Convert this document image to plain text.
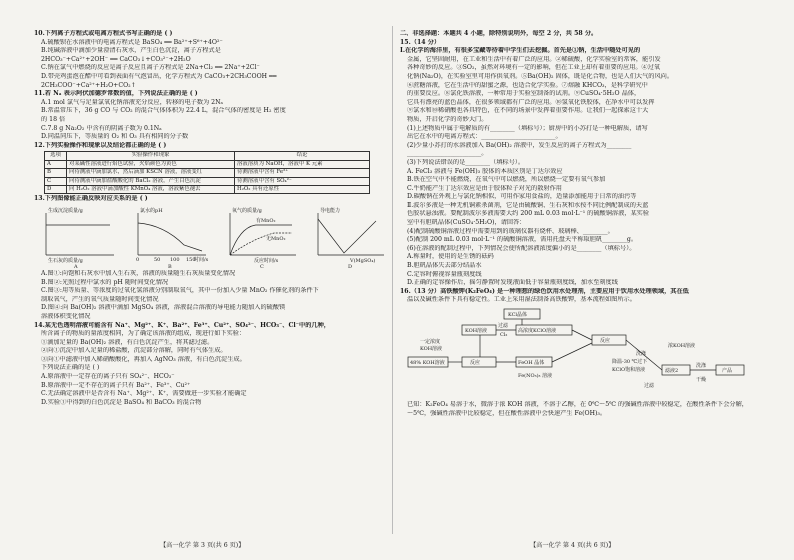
10.下列离子方程式或电离方程式书写正确的是 ( )
A.硫酸钡在水溶液中的电离方程式是 BaSO₄ ══ Ba²⁺+S⁶⁺+4O²⁻
B.纯碱溶液中滴加少量澄清石灰水，产生白色沉淀，离子方程式是
2HCO₃⁻+Ca²⁺+2OH⁻ ══ CaCO₃↓+CO₃²⁻+2H₂O
C.钠在氯气中燃烧的反应是离子反应且离子方程式是 2Na+Cl₂ ══ 2Na⁺+2Cl⁻
D.带壳鸡蛋泡在醋中可看到表面有气泡冒出，化学方程式为 CaCO₃+2CH₃COOH ══
2CH₃COO⁻+Ca²⁺+H₂O+CO₂↑
11.若 Nₐ 表示阿伏加德罗常数的值，下列说法正确的是 ( )
A.1 mol 氯气与足量氯氧化钠溶液充分反应，转移的电子数为 2Nₐ
B.常温常压下，36 g CO 与 CO₂ 的混合气体体积为 22.4 L，混合气体的密度是 H₂ 密度
的 18 倍
C.7.8 g Na₂O₂ 中含有的阴离子数为 0.1Nₐ
D.同温同压下，等质量的 O₂ 和 O₃ 具有相同的分子数
12.下列实验操作和现象以及结论都正确的是 ( )
选项	实验操作和现象	结论
A	对某碱性溶液进行焰色试验，火焰颜色为黄色	溶液溶质为 NaOH，溶液中 K 元素
B	向待测液中滴加氯水，然后滴加 KSCN 溶液，溶液变红	待测溶液中含有 Fe²⁺
C	向待测液中滴加盐酸酸化的 BaCl₂ 溶液，产生白色沉淀	待测溶液中含有 SO₄²⁻
D	向 H₂O₂ 溶液中滴加酸性 KMnO₄ 溶液，溶液紫色褪去	H₂O₂ 具有还原性
13.下列图像能正确反映对应关系的是 ( )
生成沉淀质量/g
生石灰的质量/g
氯水的pH
0	50 100 150
时间/s
氧气的质量/g
有MnO₂
无MnO₂
反应时间/s
导电能力
V(MgSO₄)
A	B	C	D
A.图①:向饱和石灰水中加入生石灰，溶液的质量随生石灰质量变化情况
B.图②:光照过程中氯水的 pH 随时间变化情况
C.图③:用等质量、等浓度的过氧化氢溶液分别制取氧气，其中一份加入少量 MnO₂ 作催化剂的条件下
制取氧气，产生的氧气质量随时间变化情况
D.图④:向 Ba(OH)₂ 溶液中滴加 MgSO₄ 溶液，溶液混合溶液的导电能力随加入的硫酸镁
溶液体积变化情况
14.某无色透明溶液可能含有 Na⁺、Mg²⁺、K⁺、Ba²⁺、Fe³⁺、Cu²⁺、SO₄²⁻、HCO₃⁻、Cl⁻中的几种，
所含离子的物质的量浓度相同，为了确定该溶液的组成，现进行如下实验：
①滴加足量的 Ba(OH)₂ 溶液，有白色沉淀产生，将其滤过滤。
②向①沉淀中加入足量的稀盐酸，沉淀部分溶解，同时有气体生成。
③向①中滤液中加入稀硝酸酸化，再加入 AgNO₃ 溶液，有白色沉淀生成。
下列说法正确的是 ( )
A.原溶液中一定存在的离子只有 SO₄²⁻、HCO₃⁻
B.原溶液中一定不存在的离子只有 Ba²⁺、Fe³⁺、Cu²⁺
C.无法确定溶液中是否含有 Na⁺、Mg²⁺、K⁺，需要做进一步实验才能确定
D.实验①中得到的白色沉淀是 BaSO₄ 和 BaCO₃ 的混合物
二、非选择题：本题共 4 小题，除特别说明外，每空 2 分，共 58 分。
15.（14 分）
Ⅰ.在化学的海洋里，有很多宝藏等待着中学生们去挖掘。首先是①钠，生活中随处可见的
金属，它坚固耐用，在工业和生活中有着广泛的应用。②稀硫酸，化学实验室的常客，能引发
各种奇妙的反应。③SO₂，虽然对环境有一定的影响，但在工业上却有着重要的应用。④过氧
化钠(Na₂O)，在实验室里可用作供氧剂。⑤Ba(OH)₂ 固体，既是化合物，也是人们大气的风向。
⑥蔗糖溶液，它在生活中的甜蜜之源，也适合化学实验。⑦熔融 KHCO₃，是科学研究中
的重要反应。⑧氯化铁溶液，一种常用于实验室制备的试剂。⑨CuSO₄·5H₂O 晶体，
它具有漂亮的蓝色晶体，在很多领域都有广泛的应用。⑩氢氧化铁胶体，在净水中可以发挥
⑨氯水和⑩稀硝酸也各具特色，在不同的场景中发挥着重要作用。让我们一起探索这十大
物质，开启化学的奇妙大门。
(1)上述物质中属于电解质的有________（填标号）；厨房中的小苏打是一种电解质，请写
出它在水中的电离方程式：________________________。
(2)少量小苏打的水溶液加入 Ba(OH)₂ 溶液中，发生反应的离子方程式为________
________________________。
(3)下列说法错误的是________（填标号）。
A. FeCl₃ 溶液与 Fe(OH)₃ 胶体的本质区别是丁达尔效应
B.铁在空气中不能燃烧，在氧气中可以燃烧，所以燃烧一定要有氧气参加
C.牛奶能产生丁达尔效应是由于胶体粒子对光的散射作用
D.碳酸钠在外观上与氯化钠相似，可用作家用食盐的，适量添加能用于日常的油污等
Ⅱ.波尔多液是一种无机铜素杀菌剂，它是由硫酸铜、生石灰和水按不同比例配制成的天蓝
色胶状悬浊液。要配制波尔多液需要大约 200 mL 0.03 mol·L⁻¹ 的硫酸铜溶液，某实验
室中有胆矾晶体(CuSO₄·5H₂O)，请回答：
(4)配制硫酸铜溶液过程中需要用到的玻璃仪器有烧杯、玻璃棒、________。
(5)配制 200 mL 0.03 mol·L⁻¹ 的硫酸铜溶液，需用托盘天平称取胆矾________g。
(6)在溶液的配制过程中，下列情况会使所配溶液浓度偏小的是________（填标号）。
A.称量时，使用的是生锈的砝码
B.胆矾晶体失去部分结晶水
C.定容时俯视容量瓶刻度线
D.正确的定容操作后，摇匀静置时发现液面低于容量瓶刻度线，加水至刻度线
16.（13 分）高铁酸钾(K₂FeO₄) 是一种理想的绿色饮用水处理剂，主要应用于饮用水处理领域，其在低
温以及碱性条件下具有稳定性。工业上采用湿法制备高铁酸钾，基本流程如图所示。
KCl晶体
KOH溶液
过滤
Cl₂
高浓度KClO溶液
一定浓度
KOH溶液
48% KOH溶液	反应	FeOH 晶体
Fe(NO₃)₃ 溶液
反应
降温-30 ℃过下
KClO饱和溶液
浓KOH溶液
洗涤
滤液2	产品
洗涤
干燥
过滤
已知：K₂FeO₄ 易溶于水，微溶于浓 KOH 溶液，不溶于乙醇，在 0℃～5℃ 的强碱性溶液中较稳定，在酸性条件下会分解，
～5℃，强碱性溶液中比较稳定，但在酸性溶液中会快速产生 Fe(OH)₃。
【高一化学 第 3 页(共 6 页)】	【高一化学 第 4 页(共 6 页)】
